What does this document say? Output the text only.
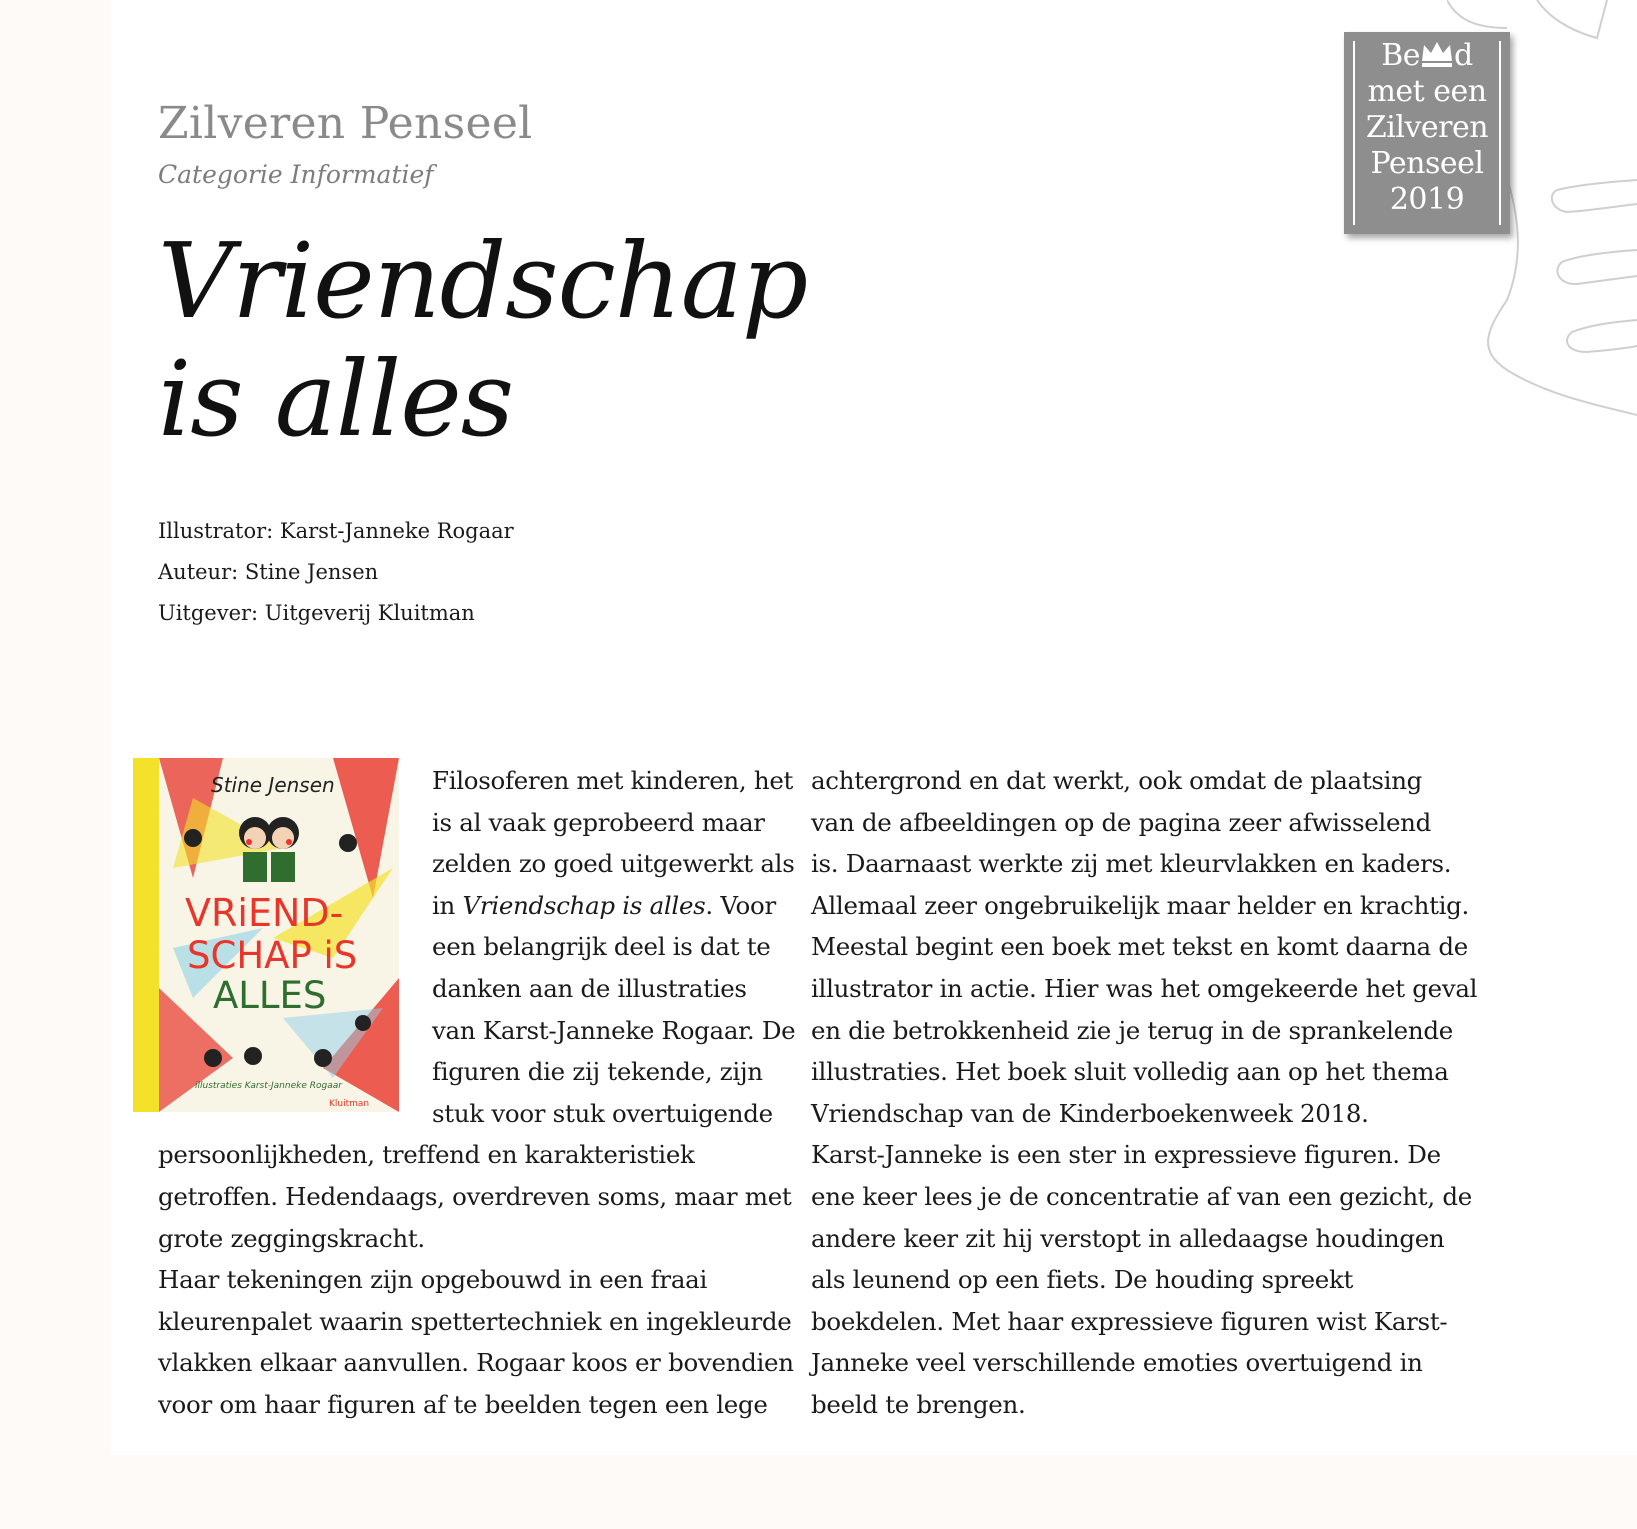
Be d
met een
Zilveren
Penseel
2019
Zilveren Penseel
Categorie Informatief
Vriendschap
is alles
Illustrator: Karst-Janneke Rogaar
Auteur: Stine Jensen
Uitgever: Uitgeverij Kluitman
Stine Jensen
VRiEND-
SCHAP iS
ALLES
illustraties Karst-Janneke Rogaar
Kluitman
Filosoferen met kinderen, het
is al vaak geprobeerd maar
zelden zo goed uitgewerkt als
in Vriendschap is alles. Voor
een belangrijk deel is dat te
danken aan de illustraties
van Karst-Janneke Rogaar. De
figuren die zij tekende, zijn
stuk voor stuk overtuigende
persoonlijkheden, treffend en karakteristiek
getroffen. Hedendaags, overdreven soms, maar met
grote zeggingskracht.
Haar tekeningen zijn opgebouwd in een fraai
kleurenpalet waarin spettertechniek en ingekleurde
vlakken elkaar aanvullen. Rogaar koos er bovendien
voor om haar figuren af te beelden tegen een lege
achtergrond en dat werkt, ook omdat de plaatsing
van de afbeeldingen op de pagina zeer afwisselend
is. Daarnaast werkte zij met kleurvlakken en kaders.
Allemaal zeer ongebruikelijk maar helder en krachtig.
Meestal begint een boek met tekst en komt daarna de
illustrator in actie. Hier was het omgekeerde het geval
en die betrokkenheid zie je terug in de sprankelende
illustraties. Het boek sluit volledig aan op het thema
Vriendschap van de Kinderboekenweek 2018.
Karst-Janneke is een ster in expressieve figuren. De
ene keer lees je de concentratie af van een gezicht, de
andere keer zit hij verstopt in alledaagse houdingen
als leunend op een fiets. De houding spreekt
boekdelen. Met haar expressieve figuren wist Karst-
Janneke veel verschillende emoties overtuigend in
beeld te brengen.
